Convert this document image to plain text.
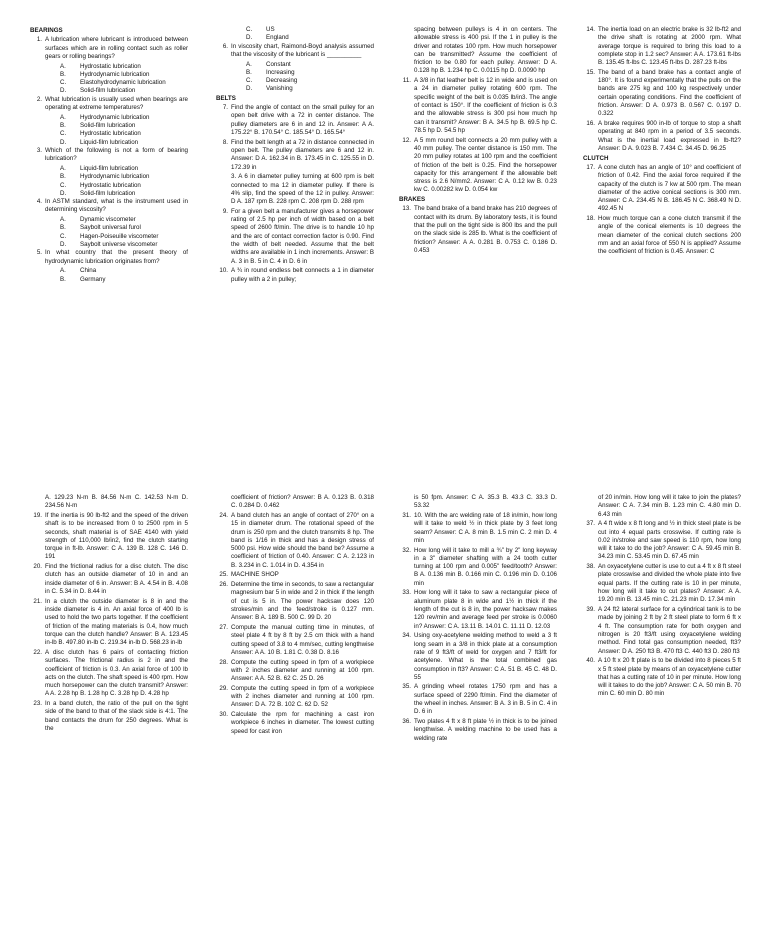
BEARINGS
1. A lubrication where lubricant is introduced between surfaces which are in rolling contact such as roller gears or rolling bearings?
A.	Hydrostatic lubrication
B.	Hydrodynamic lubrication
C.	Elastohydrodynamic lubrication
D.	Solid-film lubrication
2. What lubrication is usually used when bearings are operating at extreme temperatures?
A.	Hydrodynamic lubrication
B.	Solid-film lubrication
C.	Hydrostatic lubrication
D.	Liquid-film lubrication
3. Which of the following is not a form of bearing lubrication?
A.	Liquid-film lubrication
B.	Hydrodynamic lubrication
C.	Hydrostatic lubrication
D.	Solid-film lubrication
4. In ASTM standard, what is the instrument used in determining viscosity?
A.	Dynamic viscometer
B.	Saybolt universal furol
C.	Hagen-Poiseuille viscometer
D.	Saybolt universe viscometer
5. In what country that the present theory of hydrodynamic lubrication originates from?
A.	China
B.	Germany
C.	US
D.	England
6. In viscosity chart, Raimond-Boyd analysis assumed that the viscosity of the lubricant is __________
A.	Constant
B.	Increasing
C.	Decreasing
D.	Vanishing
BELTS
7. Find the angle of contact on the small pulley for an open belt drive with a 72 in center distance. The pulley diameters are 6 in and 12 in. Answer: A A. 175.22° B. 170.54° C. 185.54° D. 165.54°
8. Find the belt length at a 72 in distance connected in open belt. The pulley diameters are 6 and 12 in. Answer: D A. 162.34 in B. 173.45 in C. 125.55 in D. 172.39 in
3. A 6 in diameter pulley turning at 600 rpm is belt connected to ma 12 in diameter pulley. If there is 4% slip, find the speed of the 12 in pulley. Answer: D A. 187 rpm B. 228 rpm C. 208 rpm D. 288 rpm
9. For a given belt a manufacturer gives a horsepower rating of 2.5 hp per inch of width based on a belt speed of 2600 ft/min. The drive is to handle 10 hp and the arc of contact correction factor is 0.90. Find the width of belt needed. Assume that the belt widths are available in 1 inch increments. Answer: B A. 3 in B. 5 in C. 4 in D. 6 in
10. A ¾ in round endless belt connects a 1 in diameter pulley with a 2 in pulley;
spacing between pulleys is 4 in on centers. The allowable stress is 400 psi. If the 1 in pulley is the driver and rotates 100 rpm. How much horsepower can be transmitted? Assume the coefficient of friction to be 0.80 for each pulley. Answer: D A. 0.128 hp B. 1.234 hp C. 0.0115 hp D. 0.0090 hp
11. A 3/8 in flat leather belt is 12 in wide and is used on a 24 in diameter pulley rotating 600 rpm. The specific weight of the belt is 0.035 lb/in3. The angle of contact is 150°. If the coefficient of friction is 0.3 and the allowable stress is 300 psi how much hp can it transmit? Answer: B A. 34.5 hp B. 69.5 hp C. 78.5 hp D. 54.5 hp
12. A 5 mm round belt connects a 20 mm pulley with a 40 mm pulley. The center distance is 150 mm. The 20 mm pulley rotates at 100 rpm and the coefficient of friction of the belt is 0.25. Find the horsepower capacity for this arrangement if the allowable belt stress is 2.6 N/mm2. Answer: C A. 0.12 kw B. 0.23 kw C. 0.00282 kw D. 0.054 kw
BRAKES
13. The band brake of a band brake has 210 degrees of contact with its drum. By laboratory tests, it is found that the pull on the tight side is 800 lbs and the pull on the slack side is 285 lb. What is the coefficient of friction? Answer: A A. 0.281 B. 0.753 C. 0.186 D. 0.453
14. The inertia load on an electric brake is 32 lb-ft2 and the drive shaft is rotating at 2000 rpm. What average torque is required to bring this load to a complete stop in 1.2 sec? Answer: A A. 173.61 ft-lbs B. 135.45 ft-lbs C. 123.45 ft-lbs D. 287.23 ft-lbs
15. The band of a band brake has a contact angle of 180°. It is found experimentally that the pulls on the bands are 275 kg and 100 kg respectively under certain operating conditions. Find the coefficient of friction. Answer: D A. 0.973 B. 0.567 C. 0.197 D. 0.322
16. A brake requires 900 in-lb of torque to stop a shaft operating at 840 rpm in a period of 3.5 seconds. What is the inertial load expressed in lb-ft2? Answer: D A. 9.023 B. 7.434 C. 34.45 D. 96.25
CLUTCH
17. A cone clutch has an angle of 10° and coefficient of friction of 0.42. Find the axial force required if the capacity of the clutch is 7 kw at 500 rpm. The mean diameter of the active conical sections is 300 mm. Answer: C A. 234.45 N B. 186.45 N C. 368.49 N D. 492.45 N
18. How much torque can a cone clutch transmit if the angle of the conical elements is 10 degrees the mean diameter of the conical clutch sections 200 mm and an axial force of 550 N is applied? Assume the coefficient of friction is 0.45. Answer: C
A. 129.23 N-m B. 84.56 N-m C. 142.53 N-m D. 234.56 N-m
19. If the inertia is 90 lb-ft2 and the speed of the driven shaft is to be increased from 0 to 2500 rpm in 5 seconds, shaft material is of SAE 4140 with yield strength of 110,000 lb/in2, find the clutch starting torque in ft-lb. Answer: C A. 139 B. 128 C. 146 D. 191
20. Find the frictional radius for a disc clutch. The disc clutch has an outside diameter of 10 in and an inside diameter of 6 in. Answer: B A. 4.54 in B. 4.08 in C. 5.34 in D. 8.44 in
21. In a clutch the outside diameter is 8 in and the inside diameter is 4 in. An axial force of 400 lb is used to hold the two parts together. If the coefficient of friction of the mating materials is 0.4, how much torque can the clutch handle? Answer: B A. 123.45 in-lb B. 497.80 in-lb C. 219.34 in-lb D. 568.23 in-lb
22. A disc clutch has 6 pairs of contacting friction surfaces. The frictional radius is 2 in and the coefficient of friction is 0.3. An axial force of 100 lb acts on the clutch. The shaft speed is 400 rpm. How much horsepower can the clutch transmit? Answer: A A. 2.28 hp B. 1.28 hp C. 3.28 hp D. 4.28 hp
23. In a band clutch, the ratio of the pull on the tight side of the band to that of the slack side is 4:1. The band contacts the drum for 250 degrees. What is the
coefficient of friction? Answer: B A. 0.123 B. 0.318 C. 0.284 D. 0.462
24. A band clutch has an angle of contact of 270° on a 15 in diameter drum. The rotational speed of the drum is 250 rpm and the clutch transmits 8 hp. The band is 1/16 in thick and has a design stress of 5000 psi. How wide should the band be? Assume a coefficient of friction of 0.40. Answer: C A. 2.123 in B. 3.234 in C. 1.014 in D. 4.354 in
25. MACHINE SHOP
26. Determine the time in seconds, to saw a rectangular magnesium bar 5 in wide and 2 in thick if the length of cut is 5 in. The power hacksaw does 120 strokes/min and the feed/stroke is 0.127 mm. Answer: B A. 189 B. 500 C. 99 D. 20
27. Compute the manual cutting time in minutes, of steel plate 4 ft by 8 ft by 2.5 cm thick with a hand cutting speed of 3.8 to 4 mm/sec, cutting lengthwise Answer: A A. 10 B. 1.81 C. 0.38 D. 8.16
28. Compute the cutting speed in fpm of a workpiece with 2 inches diameter and running at 100 rpm. Answer: A A. 52 B. 62 C. 25 D. 26
29. Compute the cutting speed in fpm of a workpiece with 2 inches diameter and running at 100 rpm. Answer: D A. 72 B. 102 C. 62 D. 52
30. Calculate the rpm for machining a cast iron workpiece 6 inches in diameter. The lowest cutting speed for cast iron
is 50 fpm. Answer: C A. 35.3 B. 43.3 C. 33.3 D. 53.32
31. 10. With the arc welding rate of 18 in/min, how long will it take to weld ½ in thick plate by 3 feet long seam? Answer: C A. 8 min B. 1.5 min C. 2 min D. 4 min
32. How long will it take to mill a ¾" by 2" long keyway in a 3" diameter shafting with a 24 tooth cutter turning at 100 rpm and 0.005" feed/tooth? Answer: B A. 0.136 min B. 0.166 min C. 0.196 min D. 0.106 min
33. How long will it take to saw a rectangular piece of aluminum plate 8 in wide and 1½ in thick if the length of the cut is 8 in, the power hacksaw makes 120 rev/min and average feed per stroke is 0.0060 in? Answer: C A. 13.11 B. 14.01 C. 11.11 D. 12.03
34. Using oxy-acetylene welding method to weld a 3 ft long seam in a 3/8 in thick plate at a consumption rate of 9 ft3/ft of weld for oxygen and 7 ft3/ft for acetylene. What is the total combined gas consumption in ft3? Answer: C A. 51 B. 45 C. 48 D. 55
35. A grinding wheel rotates 1750 rpm and has a surface speed of 2290 ft/min. Find the diameter of the wheel in inches. Answer: B A. 3 in B. 5 in C. 4 in D. 6 in
36. Two plates 4 ft x 8 ft plate ½ in thick is to be joined lengthwise. A welding machine to be used has a welding rate
of 20 in/min. How long will it take to join the plates? Answer: C A. 7.34 min B. 1.23 min C. 4.80 min D. 6.43 min
37. A 4 ft wide x 8 ft long and ½ in thick steel plate is be cut into 4 equal parts crosswise. If cutting rate is 0.02 in/stroke and saw speed is 110 rpm, how long will it take to do the job? Answer: C A. 59.45 min B. 34.23 min C. 53.45 min D. 67.45 min
38. An oxyacetylene cutter is use to cut a 4 ft x 8 ft steel plate crosswise and divided the whole plate into five equal parts. If the cutting rate is 10 in per minute, how long will it take to cut plates? Answer: A A. 19.20 min B. 13.45 min C. 21.23 min D. 17.34 min
39. A 24 ft2 lateral surface for a cylindrical tank is to be made by joining 2 ft by 2 ft steel plate to form 6 ft x 4 ft. The consumption rate for both oxygen and nitrogen is 20 ft3/ft using oxyacetylene welding method. Find total gas consumption needed, ft3? Answer: D A. 250 ft3 B. 470 ft3 C. 440 ft3 D. 280 ft3
40. A 10 ft x 20 ft plate is to be divided into 8 pieces 5 ft x 5 ft steel plate by means of an oxyacetylene cutter that has a cutting rate of 10 in per minute. How long will it takes to do the job? Answer: C A. 50 min B. 70 min C. 60 min D. 80 min
